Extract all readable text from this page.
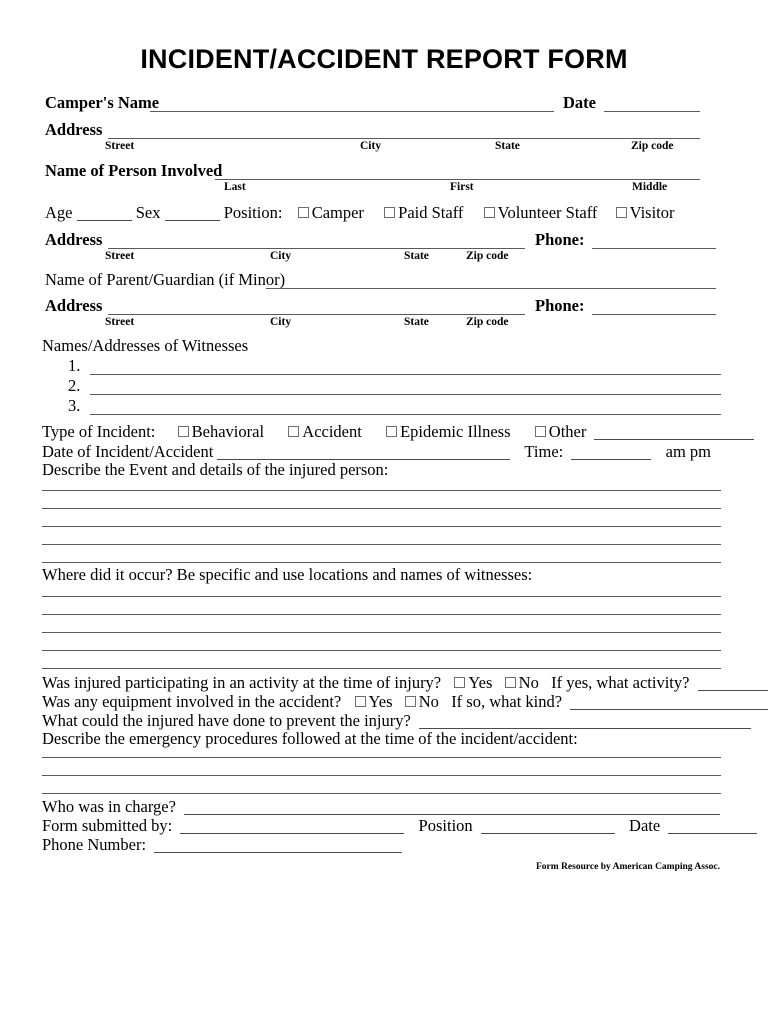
INCIDENT/ACCIDENT REPORT FORM
Camper's Name	Date
Address
Street	City	State	Zip code
Name of Person Involved
Last	First	Middle
Age	Sex	Position: Camper Paid Staff Volunteer Staff Visitor
Address
Street	City	State	Zip code
Phone:
Name of Parent/Guardian (if Minor)
Address
Street	City	State	Zip code
Phone:
Names/Addresses of Witnesses
1.
2.
3.
Type of Incident: Behavioral Accident Epidemic Illness Other
Date of Incident/Accident	Time:	am pm
Describe the Event and details of the injured person:
Where did it occur? Be specific and use locations and names of witnesses:
Was injured participating in an activity at the time of injury? Yes No If yes, what activity?
Was any equipment involved in the accident? Yes No If so, what kind?
What could the injured have done to prevent the injury?
Describe the emergency procedures followed at the time of the incident/accident:
Who was in charge?
Form submitted by:	Position	Date
Phone Number:
Form Resource by American Camping Assoc.
